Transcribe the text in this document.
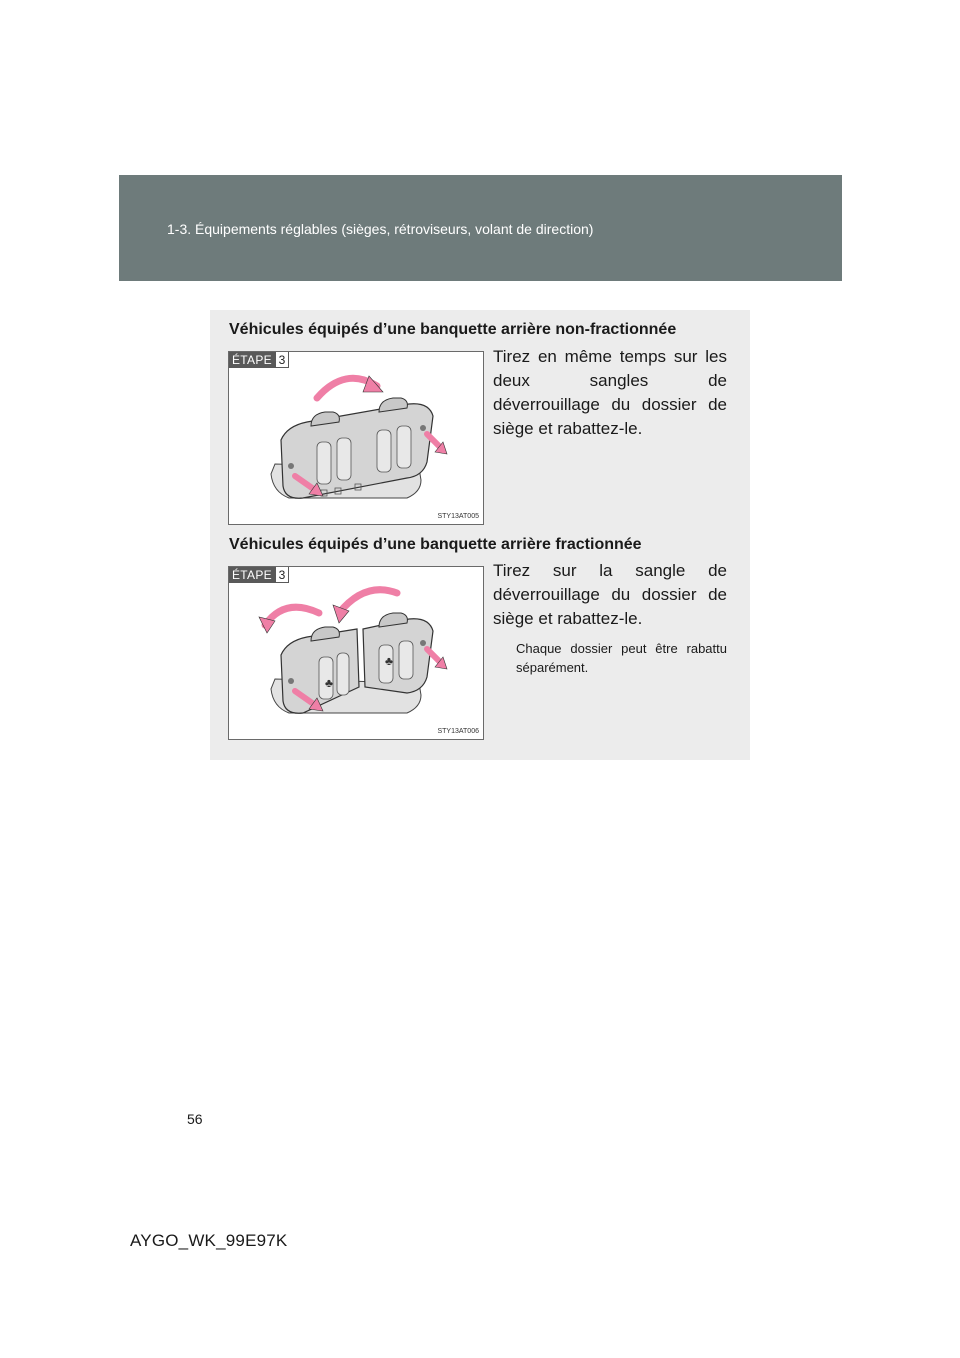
1-3. Équipements réglables (sièges, rétroviseurs, volant de direction)
Véhicules équipés d’une banquette arrière non-fractionnée
ÉTAPE 3
STY13AT005
Tirez en même temps sur les deux sangles de déverrouillage du dossier de siège et rabattez-le.
Véhicules équipés d’une banquette arrière fractionnée
♣
♣
ÉTAPE 3
STY13AT006
Tirez sur la sangle de déverrouillage du dossier de siège et rabattez-le.
Chaque dossier peut être rabattu séparément.
56
AYGO_WK_99E97K
